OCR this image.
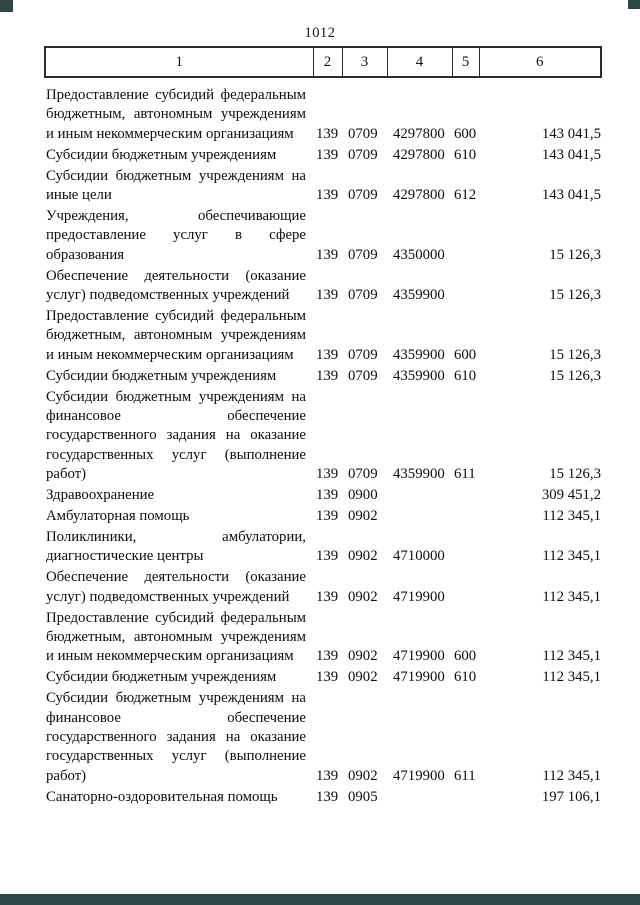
1012
1	2	3	4	5	6
Предоставление субсидий федеральным бюджетным, автономным учреждениям и иным некоммерческим организациям	139	0709	4297800	600	143 041,5
Субсидии бюджетным учреждениям	139	0709	4297800	610	143 041,5
Субсидии бюджетным учреждениям на иные цели	139	0709	4297800	612	143 041,5
Учреждения, обеспечивающие предоставление услуг в сфере образования	139	0709	4350000		15 126,3
Обеспечение деятельности (оказание услуг) подведомственных учреждений	139	0709	4359900		15 126,3
Предоставление субсидий федеральным бюджетным, автономным учреждениям и иным некоммерческим организациям	139	0709	4359900	600	15 126,3
Субсидии бюджетным учреждениям	139	0709	4359900	610	15 126,3
Субсидии бюджетным учреждениям на финансовое обеспечение государственного задания на оказание государственных услуг (выполнение работ)	139	0709	4359900	611	15 126,3
Здравоохранение	139	0900			309 451,2
Амбулаторная помощь	139	0902			112 345,1
Поликлиники, амбулатории, диагностические центры	139	0902	4710000		112 345,1
Обеспечение деятельности (оказание услуг) подведомственных учреждений	139	0902	4719900		112 345,1
Предоставление субсидий федеральным бюджетным, автономным учреждениям и иным некоммерческим организациям	139	0902	4719900	600	112 345,1
Субсидии бюджетным учреждениям	139	0902	4719900	610	112 345,1
Субсидии бюджетным учреждениям на финансовое обеспечение государственного задания на оказание государственных услуг (выполнение работ)	139	0902	4719900	611	112 345,1
Санаторно-оздоровительная помощь	139	0905			197 106,1
